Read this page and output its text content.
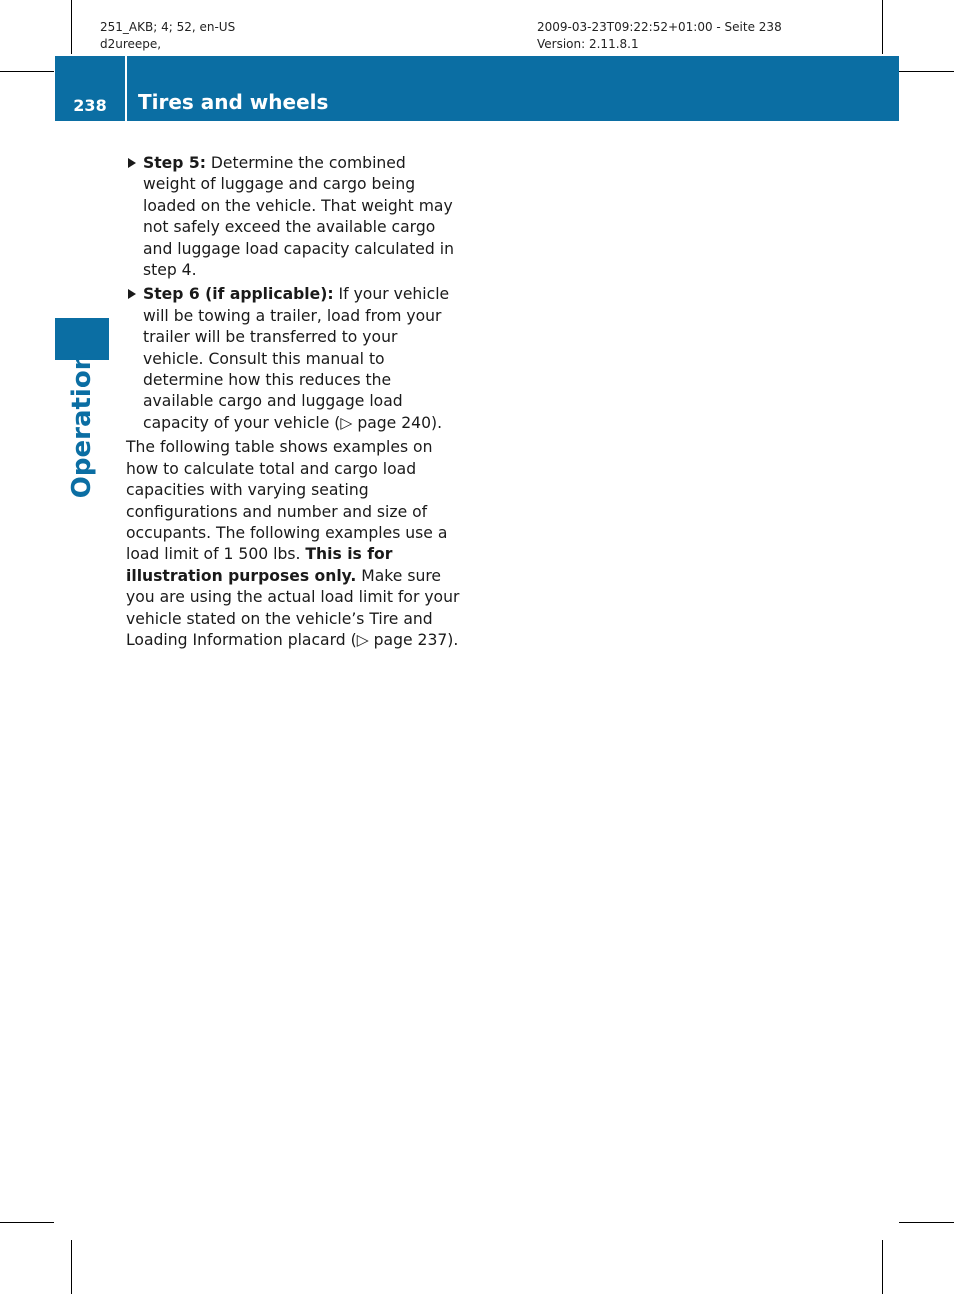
251_AKB; 4; 52, en-US
d2ureepe,
2009-03-23T09:22:52+01:00 - Seite 238
Version: 2.11.8.1
238	Tires and wheels
Operation
Step 5: Determine the combined weight of luggage and cargo being loaded on the vehicle. That weight may not safely exceed the available cargo and luggage load capacity calculated in step 4.
Step 6 (if applicable): If your vehicle will be towing a trailer, load from your trailer will be transferred to your vehicle. Consult this manual to determine how this reduces the available cargo and luggage load capacity of your vehicle (▷ page 240).

The following table shows examples on how to calculate total and cargo load capacities with varying seating configurations and number and size of occupants. The following examples use a load limit of 1 500 lbs. This is for illustration purposes only. Make sure you are using the actual load limit for your vehicle stated on the vehicle’s Tire and Loading Information placard (▷ page 237).
